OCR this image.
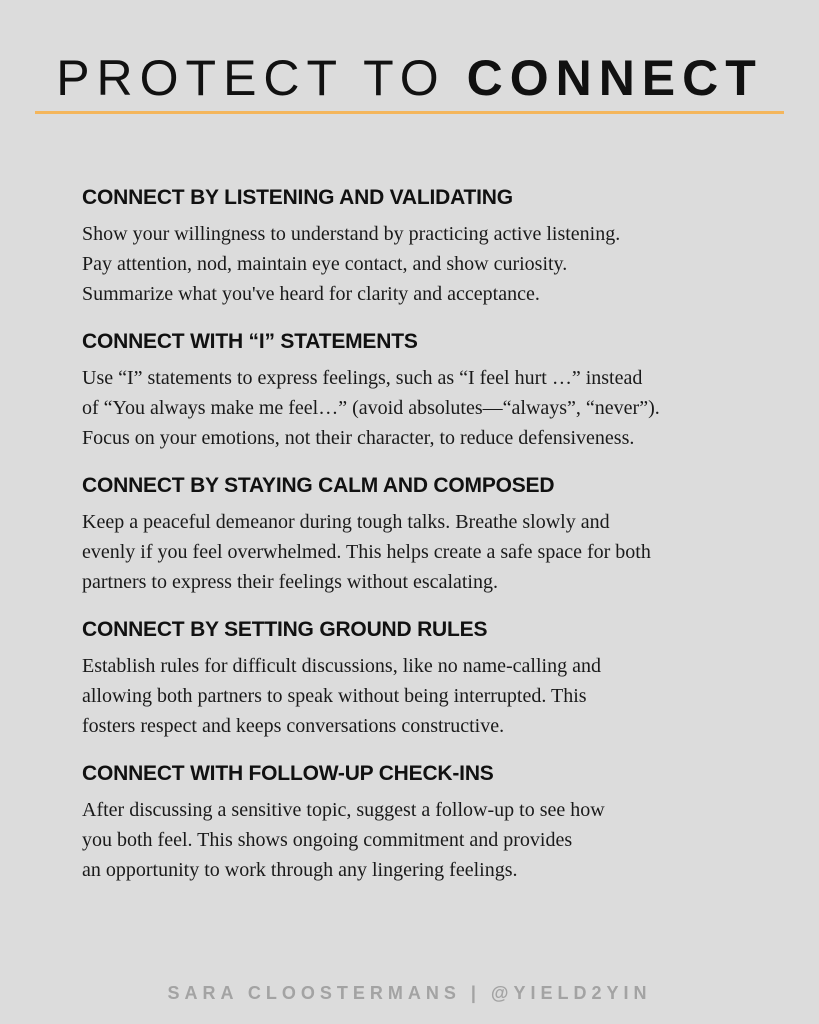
PROTECT TO CONNECT
CONNECT BY LISTENING AND VALIDATING
Show your willingness to understand by practicing active listening.
Pay attention, nod, maintain eye contact, and show curiosity.
Summarize what you've heard for clarity and acceptance.
CONNECT WITH “I” STATEMENTS
Use “I” statements to express feelings, such as “I feel hurt …” instead
of “You always make me feel…” (avoid absolutes—“always”, “never”).
Focus on your emotions, not their character, to reduce defensiveness.
CONNECT BY STAYING CALM AND COMPOSED
Keep a peaceful demeanor during tough talks. Breathe slowly and
evenly if you feel overwhelmed. This helps create a safe space for both
partners to express their feelings without escalating.
CONNECT BY SETTING GROUND RULES
Establish rules for difficult discussions, like no name-calling and
allowing both partners to speak without being interrupted. This
fosters respect and keeps conversations constructive.
CONNECT WITH FOLLOW-UP CHECK-INS
After discussing a sensitive topic, suggest a follow-up to see how
you both feel. This shows ongoing commitment and provides
an opportunity to work through any lingering feelings.
SARA CLOOSTERMANS | @YIELD2YIN
